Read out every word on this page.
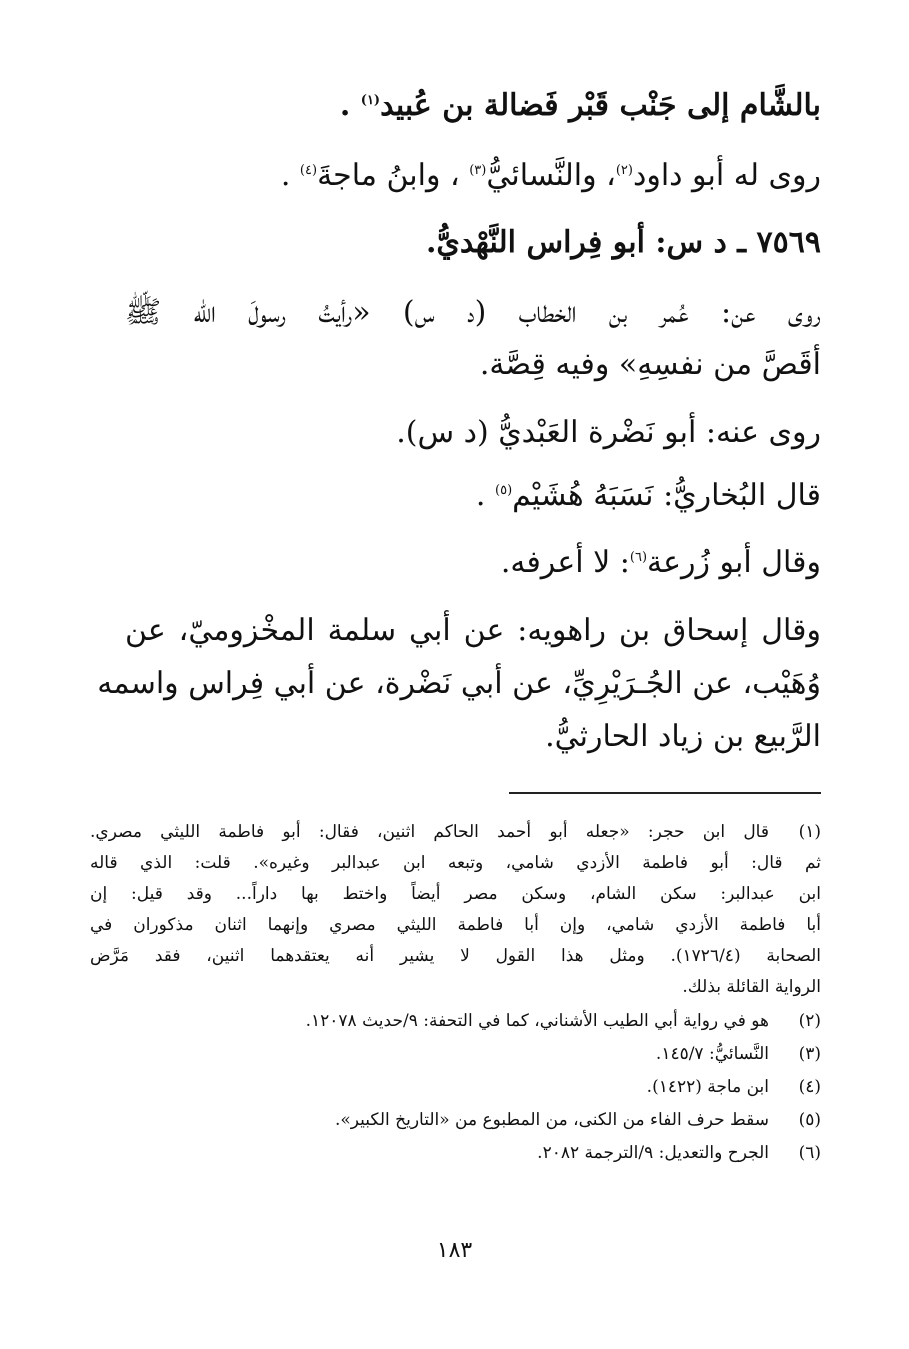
بالشَّام إلى جَنْب قَبْر فَضالة بن عُبيد$^{(١)}$ .
روى له أبو داود$^{(٢)}$، والنَّسائيُّ$^{(٣)}$ ، وابنُ ماجةَ$^{(٤)}$ .
٧٥٦٩ ـ د س: أبو فِراس النَّهْديُّ.
روى عن: عُمر بن الخطاب (د س) «رأيتُ رسولَ الله ﷺ
أقَصَّ من نفسِهِ» وفيه قِصَّة.
روى عنه: أبو نَضْرة العَبْديُّ (د س).
قال البُخاريُّ: نَسَبَهُ هُشَيْم$^{(٥)}$ .
وقال أبو زُرعة$^{(٦)}$: لا أعرفه.
وقال إسحاق بن راهويه: عن أبي سلمة المخْزوميّ، عن
وُهَيْب، عن الجُـرَيْرِيِّ، عن أبي نَضْرة، عن أبي فِراس واسمه
الرَّبيع بن زياد الحارثيُّ.
(١)
قال ابن حجر: «جعله أبو أحمد الحاكم اثنين، فقال: أبو فاطمة الليثي مصري.
ثم قال: أبو فاطمة الأزدي شامي، وتبعه ابن عبدالبر وغيره». قلت: الذي قاله
ابن عبدالبر: سكن الشام، وسكن مصر أيضاً واختط بها داراً... وقد قيل: إن
أبا فاطمة الأزدي شامي، وإن أبا فاطمة الليثي مصري وإنهما اثنان مذكوران في
الصحابة (١٧٢٦/٤). ومثل هذا القول لا يشير أنه يعتقدهما اثنين، فقد مَرَّض
الرواية القائلة بذلك.
(٢)
هو في رواية أبي الطيب الأشناني، كما في التحفة: ٩/حديث ١٢٠٧٨.
(٣)
النَّسائيُّ: ١٤٥/٧.
(٤)
ابن ماجة (١٤٢٢).
(٥)
سقط حرف الفاء من الكنى، من المطبوع من «التاريخ الكبير».
(٦)
الجرح والتعديل: ٩/الترجمة ٢٠٨٢.
١٨٣
